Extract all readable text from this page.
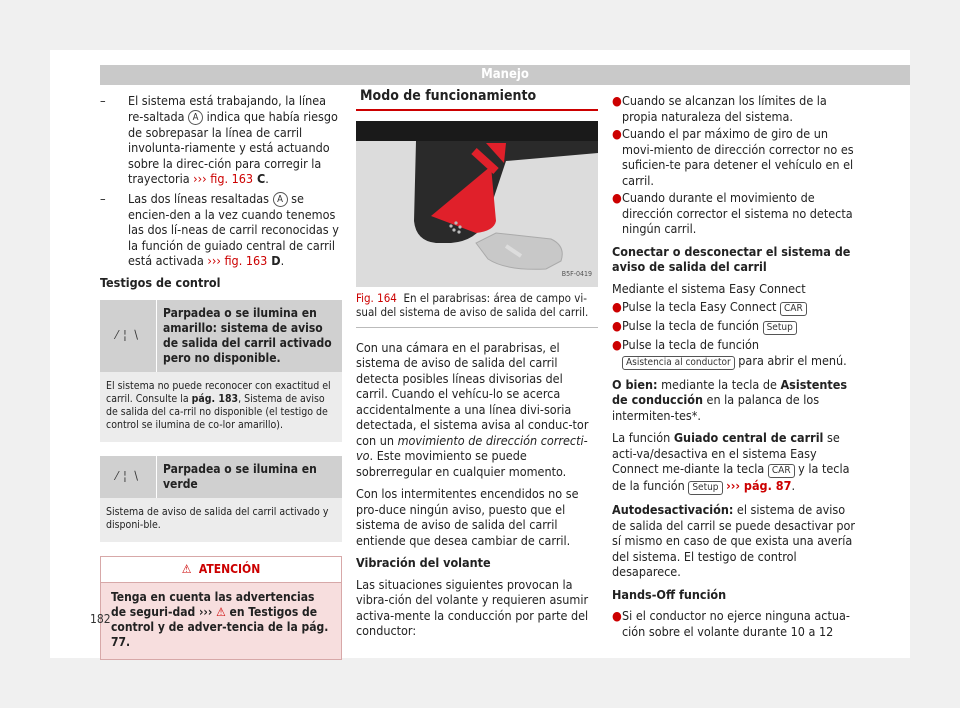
Manejo
– El sistema está trabajando, la línea re-saltada A indica que había riesgo de sobrepasar la línea de carril involunta-riamente y está actuando sobre la direc-ción para corregir la trayectoria ››› fig. 163 C.
– Las dos líneas resaltadas A se encien-den a la vez cuando tenemos las dos lí-neas de carril reconocidas y la función de guiado central de carril está activada ››› fig. 163 D.
Testigos de control
⁄ ¦ ∖
Parpadea o se ilumina en amarillo: sistema de aviso de salida del carril activado pero no disponible.
El sistema no puede reconocer con exactitud el carril. Consulte la pág. 183, Sistema de aviso de salida del ca-rril no disponible (el testigo de control se ilumina de co-lor amarillo).
⁄ ¦ ∖
Parpadea o se ilumina en verde
Sistema de aviso de salida del carril activado y disponi-ble.
⚠ ATENCIÓN
Tenga en cuenta las advertencias de seguri-dad ››› ⚠ en Testigos de control y de adver-tencia de la pág. 77.
182
Modo de funcionamiento
B5F-0419
Fig. 164 En el parabrisas: área de campo vi-sual del sistema de aviso de salida del carril.

Con una cámara en el parabrisas, el sistema de aviso de salida del carril detecta posibles líneas divisorias del carril. Cuando el vehícu-lo se acerca accidentalmente a una línea divi-soria detectada, el sistema avisa al conduc-tor con un movimiento de dirección correcti-vo. Este movimiento se puede sobrerregular en cualquier momento.

Con los intermitentes encendidos no se pro-duce ningún aviso, puesto que el sistema de aviso de salida del carril entiende que desea cambiar de carril.

Vibración del volante

Las situaciones siguientes provocan la vibra-ción del volante y requieren asumir activa-mente la conducción por parte del conductor:

● Cuando se alcanzan los límites de la propia naturaleza del sistema.
● Cuando el par máximo de giro de un movi-miento de dirección corrector no es suficien-te para detener el vehículo en el carril.
● Cuando durante el movimiento de dirección corrector el sistema no detecta ningún carril.
Conectar o desconectar el sistema de aviso de salida del carril

Mediante el sistema Easy Connect

● Pulse la tecla Easy Connect CAR
● Pulse la tecla de función Setup
● Pulse la tecla de función
Asistencia al conductor para abrir el menú.

O bien: mediante la tecla de Asistentes de conducción en la palanca de los intermiten-tes*.

La función Guiado central de carril se acti-va/desactiva en el sistema Easy Connect me-diante la tecla CAR y la tecla de la función Setup ››› pág. 87.

Autodesactivación: el sistema de aviso de salida del carril se puede desactivar por sí mismo en caso de que exista una avería del sistema. El testigo de control desaparece.

Hands-Off función
● Si el conductor no ejerce ninguna actua-ción sobre el volante durante 10 a 12
